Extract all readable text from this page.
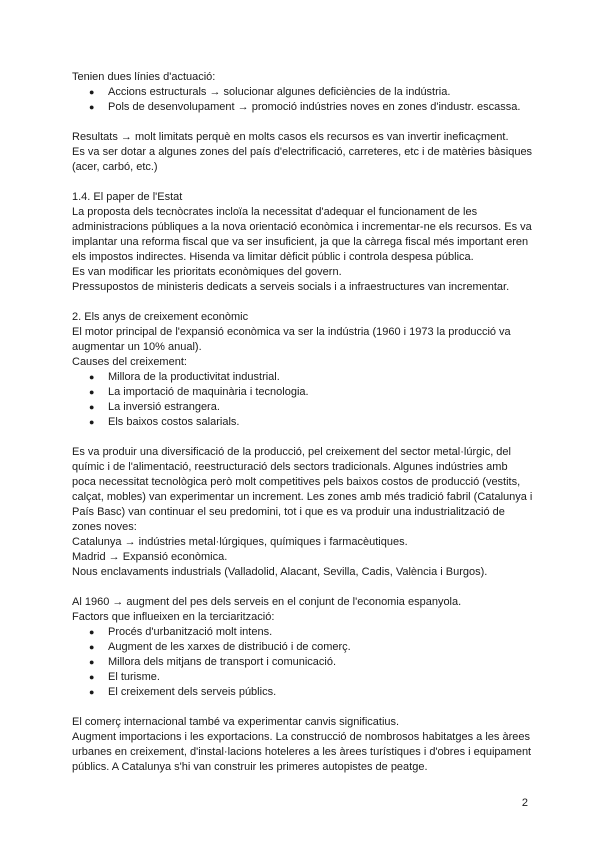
Tenien dues línies d'actuació:

● Accions estructurals → solucionar algunes deficiències de la indústria.
● Pols de desenvolupament → promoció indústries noves en zones d'industr. escassa.

Resultats → molt limitats perquè en molts casos els recursos es van invertir ineficaçment.

Es va ser dotar a algunes zones del país d'electrificació, carreteres, etc i de matèries bàsiques (acer, carbó, etc.)

1.4. El paper de l'Estat

La proposta dels tecnòcrates incloïa la necessitat d'adequar el funcionament de les administracions públiques a la nova orientació econòmica i incrementar-ne els recursos. Es va implantar una reforma fiscal que va ser insuficient, ja que la càrrega fiscal més important eren els impostos indirectes. Hisenda va limitar dèficit públic i controla despesa pública.

Es van modificar les prioritats econòmiques del govern.

Pressupostos de ministeris dedicats a serveis socials i a infraestructures van incrementar.

2. Els anys de creixement econòmic

El motor principal de l'expansió econòmica va ser la indústria (1960 i 1973 la producció va augmentar un 10% anual).

Causes del creixement:

● Millora de la productivitat industrial.
● La importació de maquinària i tecnologia.
● La inversió estrangera.
● Els baixos costos salarials.

Es va produir una diversificació de la producció, pel creixement del sector metal·lúrgic, del químic i de l'alimentació, reestructuració dels sectors tradicionals. Algunes indústries amb poca necessitat tecnològica però molt competitives pels baixos costos de producció (vestits, calçat, mobles) van experimentar un increment. Les zones amb més tradició fabril (Catalunya i País Basc) van continuar el seu predomini, tot i que es va produir una industrialització de zones noves:

Catalunya → indústries metal·lúrgiques, químiques i farmacèutiques.

Madrid → Expansió econòmica.

Nous enclavaments industrials (Valladolid, Alacant, Sevilla, Cadis, València i Burgos).

Al 1960 → augment del pes dels serveis en el conjunt de l'economia espanyola.

Factors que influeixen en la terciarització:

● Procés d'urbanització molt intens.
● Augment de les xarxes de distribució i de comerç.
● Millora dels mitjans de transport i comunicació.
● El turisme.
● El creixement dels serveis públics.

El comerç internacional també va experimentar canvis significatius.

Augment importacions i les exportacions. La construcció de nombrosos habitatges a les àrees urbanes en creixement, d'instal·lacions hoteleres a les àrees turístiques i d'obres i equipament públics. A Catalunya s'hi van construir les primeres autopistes de peatge.

2
